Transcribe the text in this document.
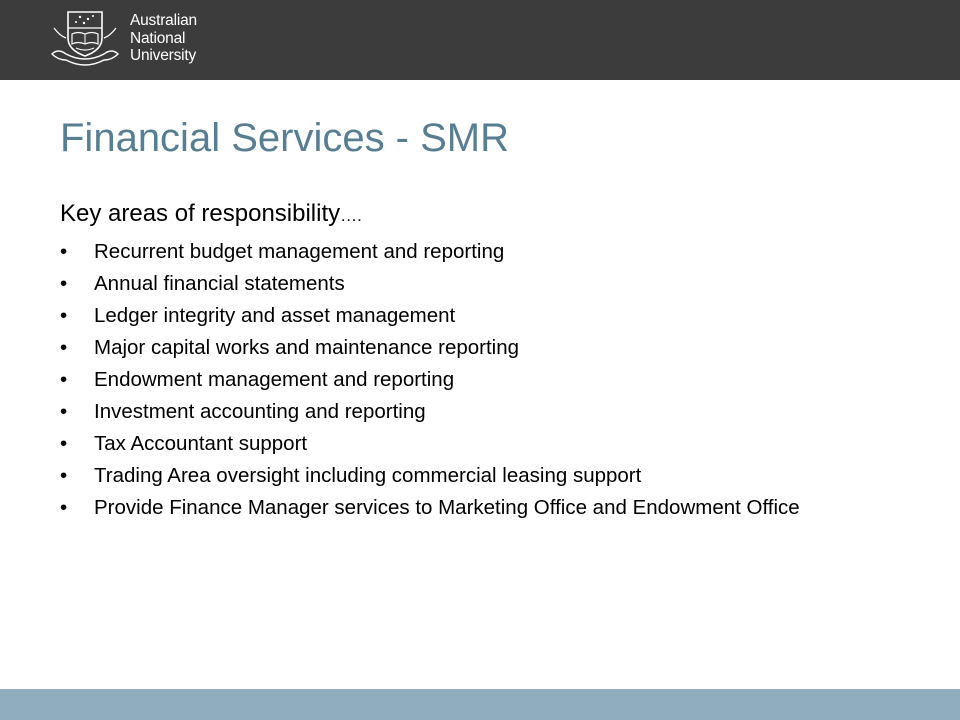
Australian
National
University
Financial Services - SMR
Key areas of responsibility….
• Recurrent budget management and reporting
• Annual financial statements
• Ledger integrity and asset management
• Major capital works and maintenance reporting
• Endowment management and reporting
• Investment accounting and reporting
• Tax Accountant support
• Trading Area oversight including commercial leasing support
• Provide Finance Manager services to Marketing Office and Endowment Office
